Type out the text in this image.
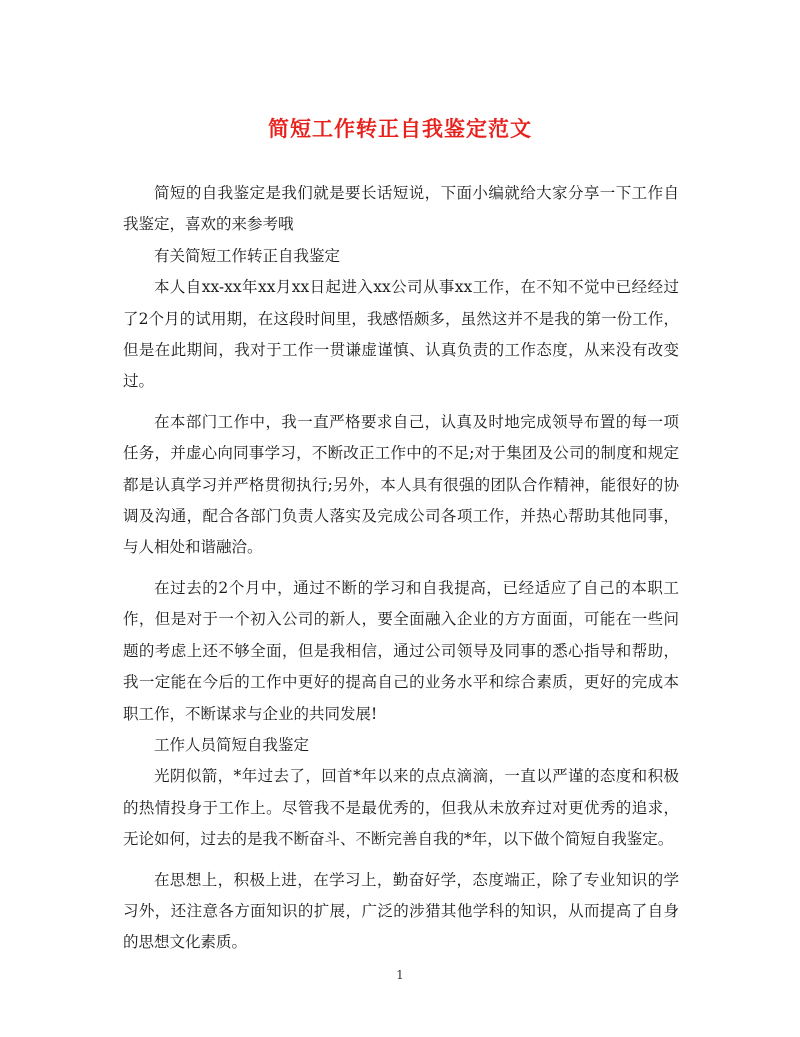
简短工作转正自我鉴定范文

简短的自我鉴定是我们就是要长话短说，下面小编就给大家分享一下工作自我鉴定，喜欢的来参考哦

有关简短工作转正自我鉴定

本人自xx-xx年xx月xx日起进入xx公司从事xx工作，在不知不觉中已经经过了2个月的试用期，在这段时间里，我感悟颇多，虽然这并不是我的第一份工作，但是在此期间，我对于工作一贯谦虚谨慎、认真负责的工作态度，从来没有改变过。

在本部门工作中，我一直严格要求自己，认真及时地完成领导布置的每一项任务，并虚心向同事学习，不断改正工作中的不足;对于集团及公司的制度和规定都是认真学习并严格贯彻执行;另外，本人具有很强的团队合作精神，能很好的协调及沟通，配合各部门负责人落实及完成公司各项工作，并热心帮助其他同事，与人相处和谐融洽。

在过去的2个月中，通过不断的学习和自我提高，已经适应了自己的本职工作，但是对于一个初入公司的新人，要全面融入企业的方方面面，可能在一些问题的考虑上还不够全面，但是我相信，通过公司领导及同事的悉心指导和帮助，我一定能在今后的工作中更好的提高自己的业务水平和综合素质，更好的完成本职工作，不断谋求与企业的共同发展!

工作人员简短自我鉴定

光阴似箭，*年过去了，回首*年以来的点点滴滴，一直以严谨的态度和积极的热情投身于工作上。尽管我不是最优秀的，但我从未放弃过对更优秀的追求，无论如何，过去的是我不断奋斗、不断完善自我的*年，以下做个简短自我鉴定。

在思想上，积极上进，在学习上，勤奋好学，态度端正，除了专业知识的学习外，还注意各方面知识的扩展，广泛的涉猎其他学科的知识，从而提高了自身的思想文化素质。

1
